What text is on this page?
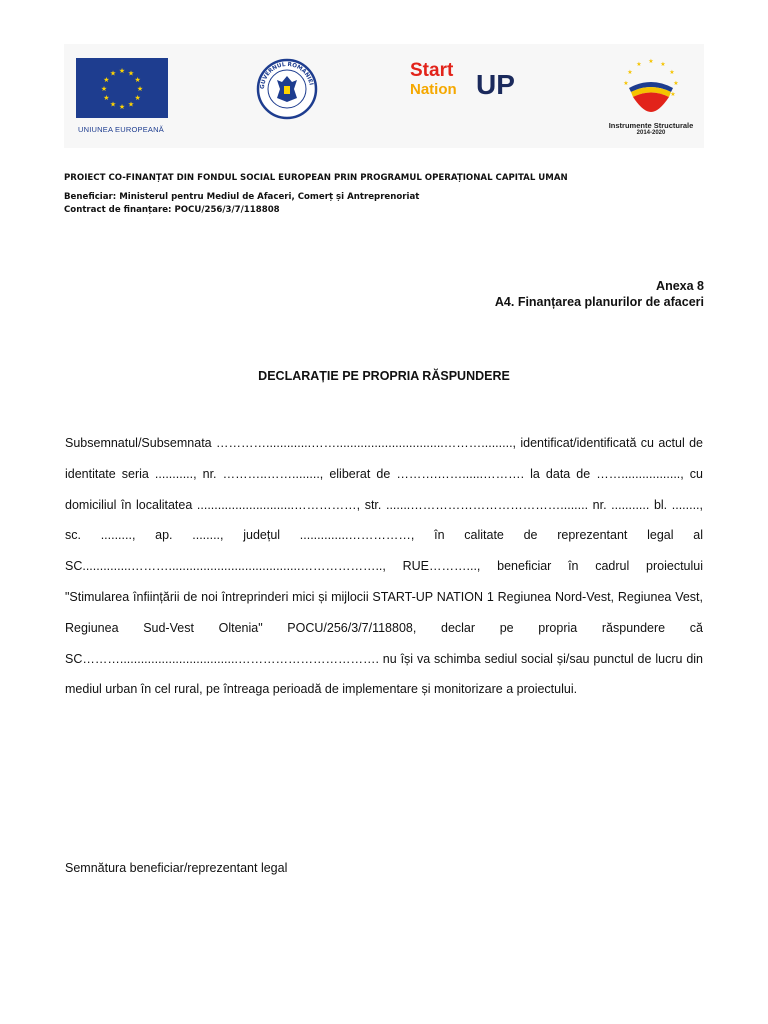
★ ★
★
★
★
★
★
★
★
★
★
★
UNIUNEA EUROPEANĂ
GUVERNUL ROMÂNIEI
Start
Nation UP
★ ★
★
★
★
★
★
★
Instrumente Structurale
2014-2020
PROIECT CO-FINANȚAT DIN FONDUL SOCIAL EUROPEAN PRIN PROGRAMUL OPERAȚIONAL CAPITAL UMAN
Beneficiar: Ministerul pentru Mediul de Afaceri, Comerț și Antreprenoriat
Contract de finanțare: POCU/256/3/7/118808
Anexa 8
A4. Finanțarea planurilor de afaceri
DECLARAȚIE PE PROPRIA RĂSPUNDERE

Subsemnatul/Subsemnata ………….............……...............................………........., identificat/identificată cu actul de identitate seria ..........., nr. ………..……........, eliberat de ……….……......………. la data de ……................., cu domiciliul în localitatea ............................……………, str. .......………………………………........ nr. ........... bl. ........, sc. ........., ap. ........, județul ..............……………, în calitate de reprezentant legal al SC..............………......................................……………….., RUE………..., beneficiar în cadrul proiectului "Stimularea înființării de noi întreprinderi mici și mijlocii START-UP NATION 1 Regiunea Nord-Vest, Regiunea Vest, Regiunea Sud-Vest Oltenia" POCU/256/3/7/118808, declar pe propria răspundere că SC………..................................……………………………. nu își va schimba sediul social și/sau punctul de lucru din mediul urban în cel rural, pe întreaga perioadă de implementare și monitorizare a proiectului.

Semnătura beneficiar/reprezentant legal
